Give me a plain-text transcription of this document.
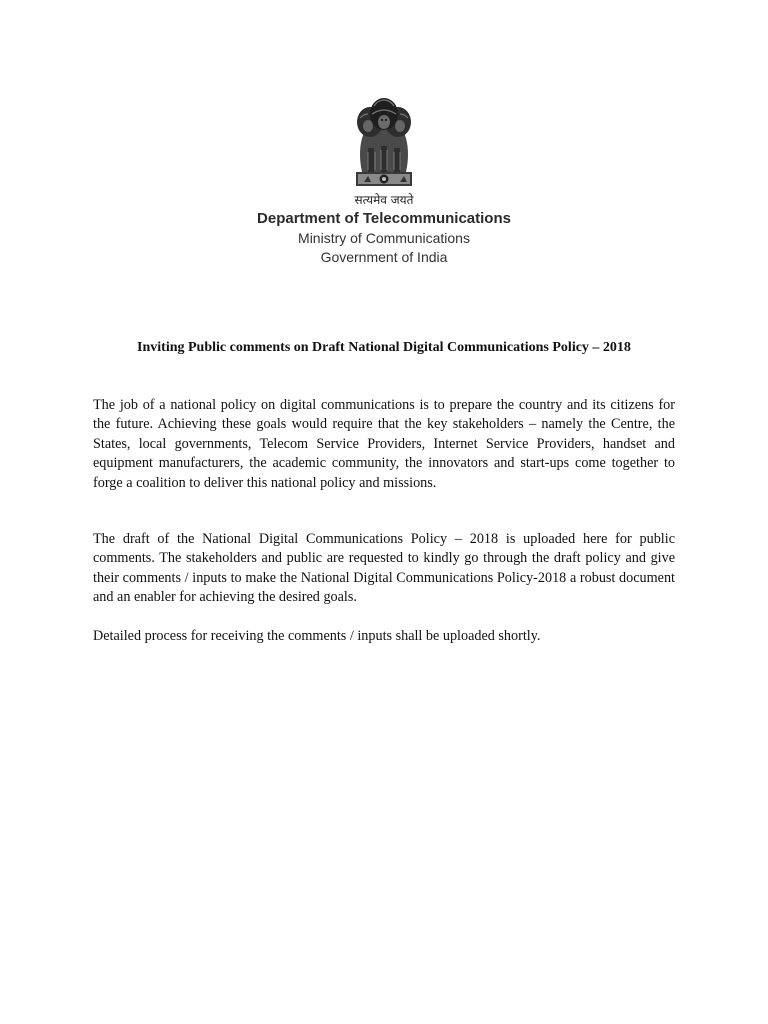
सत्यमेव जयते
Department of Telecommunications
Ministry of Communications
Government of India
Inviting Public comments on Draft National Digital Communications Policy – 2018

The job of a national policy on digital communications is to prepare the country and its citizens for the future. Achieving these goals would require that the key stakeholders – namely the Centre, the States, local governments, Telecom Service Providers, Internet Service Providers, handset and equipment manufacturers, the academic community, the innovators and start-ups come together to forge a coalition to deliver this national policy and missions.

The draft of the National Digital Communications Policy – 2018 is uploaded here for public comments. The stakeholders and public are requested to kindly go through the draft policy and give their comments / inputs to make the National Digital Communications Policy-2018 a robust document and an enabler for achieving the desired goals.

Detailed process for receiving the comments / inputs shall be uploaded shortly.
